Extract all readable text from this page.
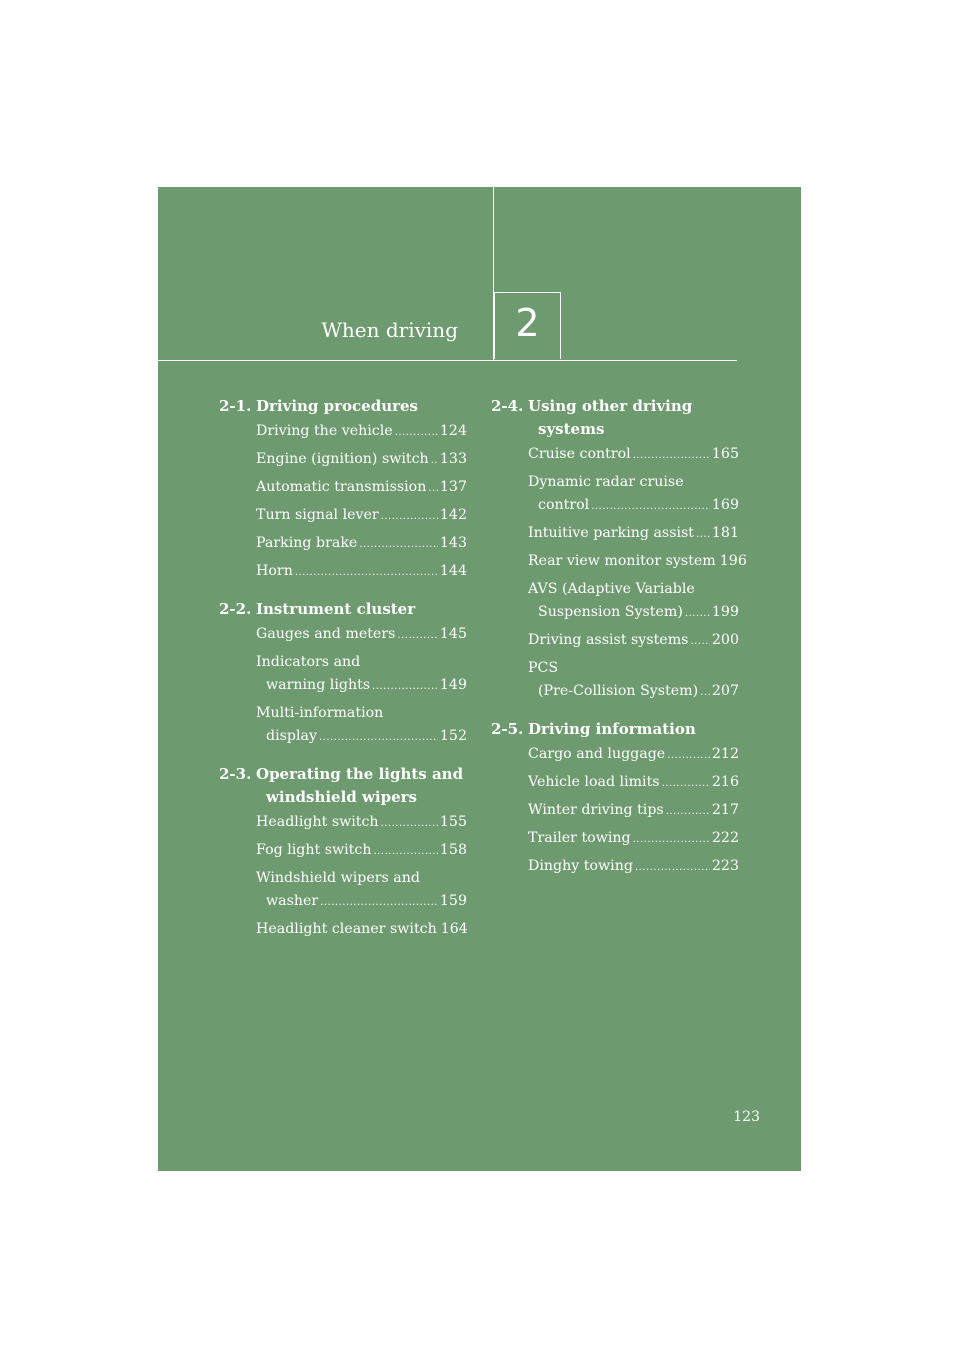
2
When driving
2-1. Driving procedures
Driving the vehicle .....	124
Engine (ignition) switch ..... 133
Automatic transmission ..... 137
Turn signal lever .....	142
Parking brake .....	143
Horn .....	144
2-2. Instrument cluster
Gauges and meters .....	145
Indicators and
warning lights .....	149
Multi-information
display .....	152
2-3. Operating the lights and
windshield wipers
Headlight switch .....	155
Fog light switch .....	158
Windshield wipers and
washer .....	159
Headlight cleaner switch 164
2-4. Using other driving
systems
Cruise control .....	165
Dynamic radar cruise
control .....	169
Intuitive parking assist ..... 181
Rear view monitor system 196
AVS (Adaptive Variable
Suspension System) ..... 199
Driving assist systems ..... 200
PCS
(Pre-Collision System) ..... 207
2-5. Driving information
Cargo and luggage .....	212
Vehicle load limits .....	216
Winter driving tips .....	217
Trailer towing .....	222
Dinghy towing .....	223
123
